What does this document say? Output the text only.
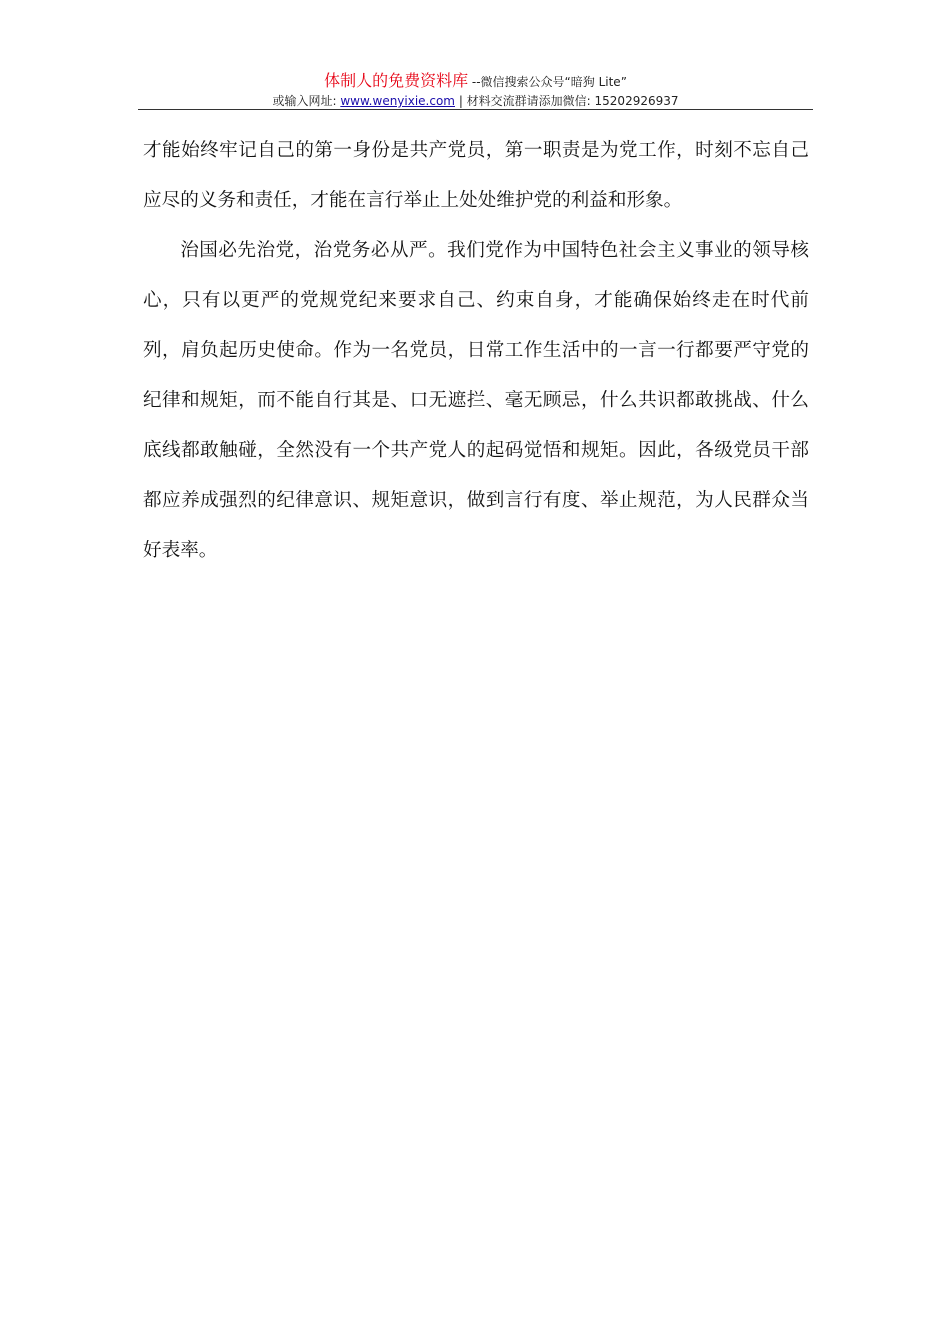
体制人的免费资料库 --微信搜索公众号“暗狗 Lite”
或输入网址: www.wenyixie.com | 材料交流群请添加微信: 15202926937

才能始终牢记自己的第一身份是共产党员，第一职责是为党工作，时刻不忘自己应尽的义务和责任，才能在言行举止上处处维护党的利益和形象。

治国必先治党，治党务必从严。我们党作为中国特色社会主义事业的领导核心，只有以更严的党规党纪来要求自己、约束自身，才能确保始终走在时代前列，肩负起历史使命。作为一名党员，日常工作生活中的一言一行都要严守党的纪律和规矩，而不能自行其是、口无遮拦、毫无顾忌，什么共识都敢挑战、什么底线都敢触碰，全然没有一个共产党人的起码觉悟和规矩。因此，各级党员干部都应养成强烈的纪律意识、规矩意识，做到言行有度、举止规范，为人民群众当好表率。
